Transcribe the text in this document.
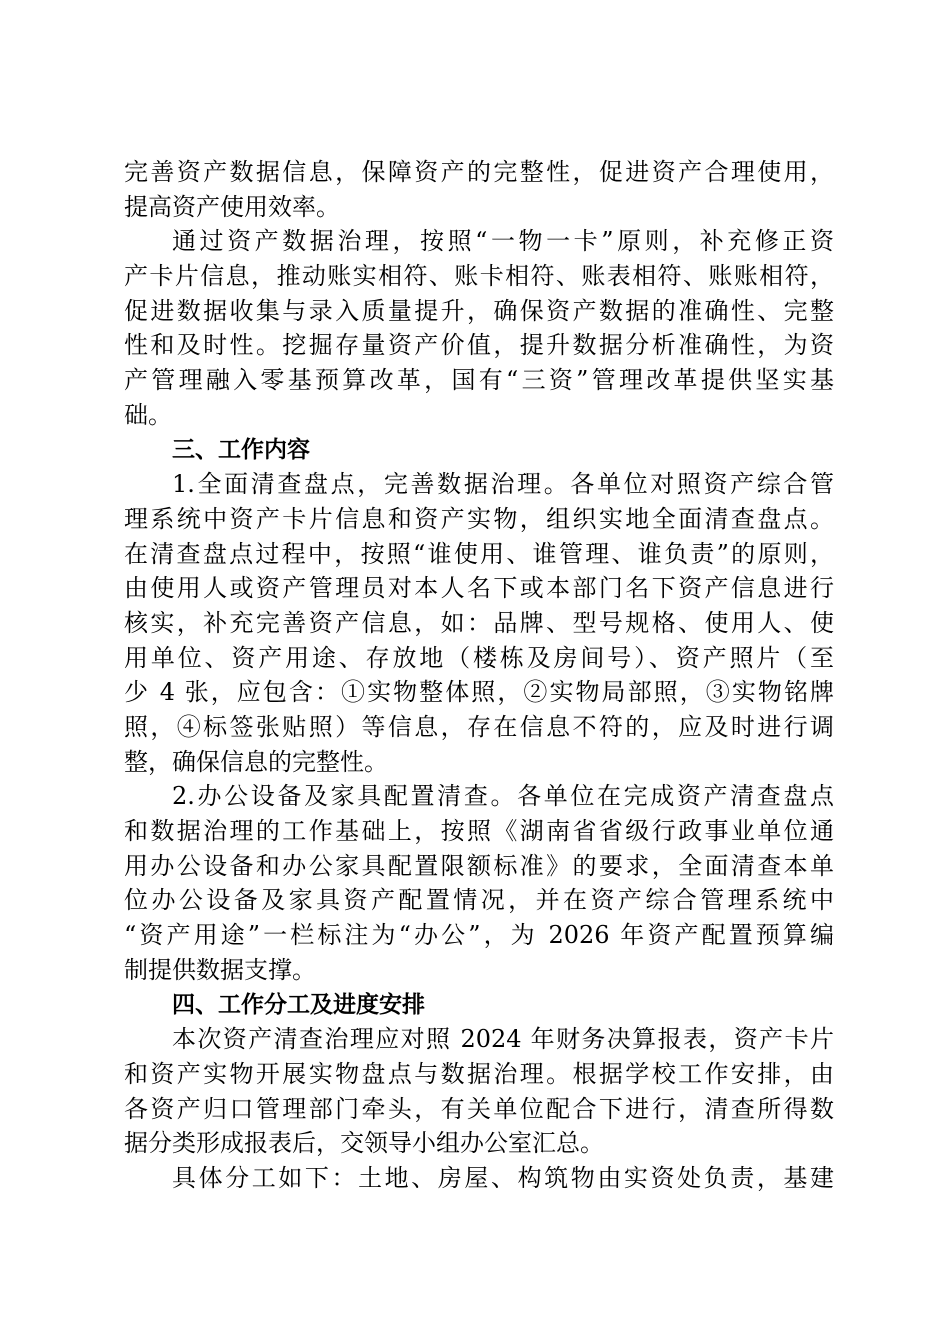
完善资产数据信息，保障资产的完整性，促进资产合理使用，
提高资产使用效率。
通过资产数据治理，按照“一物一卡”原则，补充修正资
产卡片信息，推动账实相符、账卡相符、账表相符、账账相符，
促进数据收集与录入质量提升，确保资产数据的准确性、完整
性和及时性。挖掘存量资产价值，提升数据分析准确性，为资
产管理融入零基预算改革，国有“三资”管理改革提供坚实基
础。
三、工作内容
1.全面清查盘点，完善数据治理。各单位对照资产综合管
理系统中资产卡片信息和资产实物，组织实地全面清查盘点。
在清查盘点过程中，按照“谁使用、谁管理、谁负责”的原则，
由使用人或资产管理员对本人名下或本部门名下资产信息进行
核实，补充完善资产信息，如：品牌、型号规格、使用人、使
用单位、资产用途、存放地（楼栋及房间号）、资产照片（至
少 4 张，应包含：①实物整体照，②实物局部照，③实物铭牌
照，④标签张贴照）等信息，存在信息不符的，应及时进行调
整，确保信息的完整性。
2.办公设备及家具配置清查。各单位在完成资产清查盘点
和数据治理的工作基础上，按照《湖南省省级行政事业单位通
用办公设备和办公家具配置限额标准》的要求，全面清查本单
位办公设备及家具资产配置情况，并在资产综合管理系统中
“资产用途”一栏标注为“办公”，为 2026 年资产配置预算编
制提供数据支撑。
四、工作分工及进度安排
本次资产清查治理应对照 2024 年财务决算报表，资产卡片
和资产实物开展实物盘点与数据治理。根据学校工作安排，由
各资产归口管理部门牵头，有关单位配合下进行，清查所得数
据分类形成报表后，交领导小组办公室汇总。
具体分工如下：土地、房屋、构筑物由实资处负责，基建
